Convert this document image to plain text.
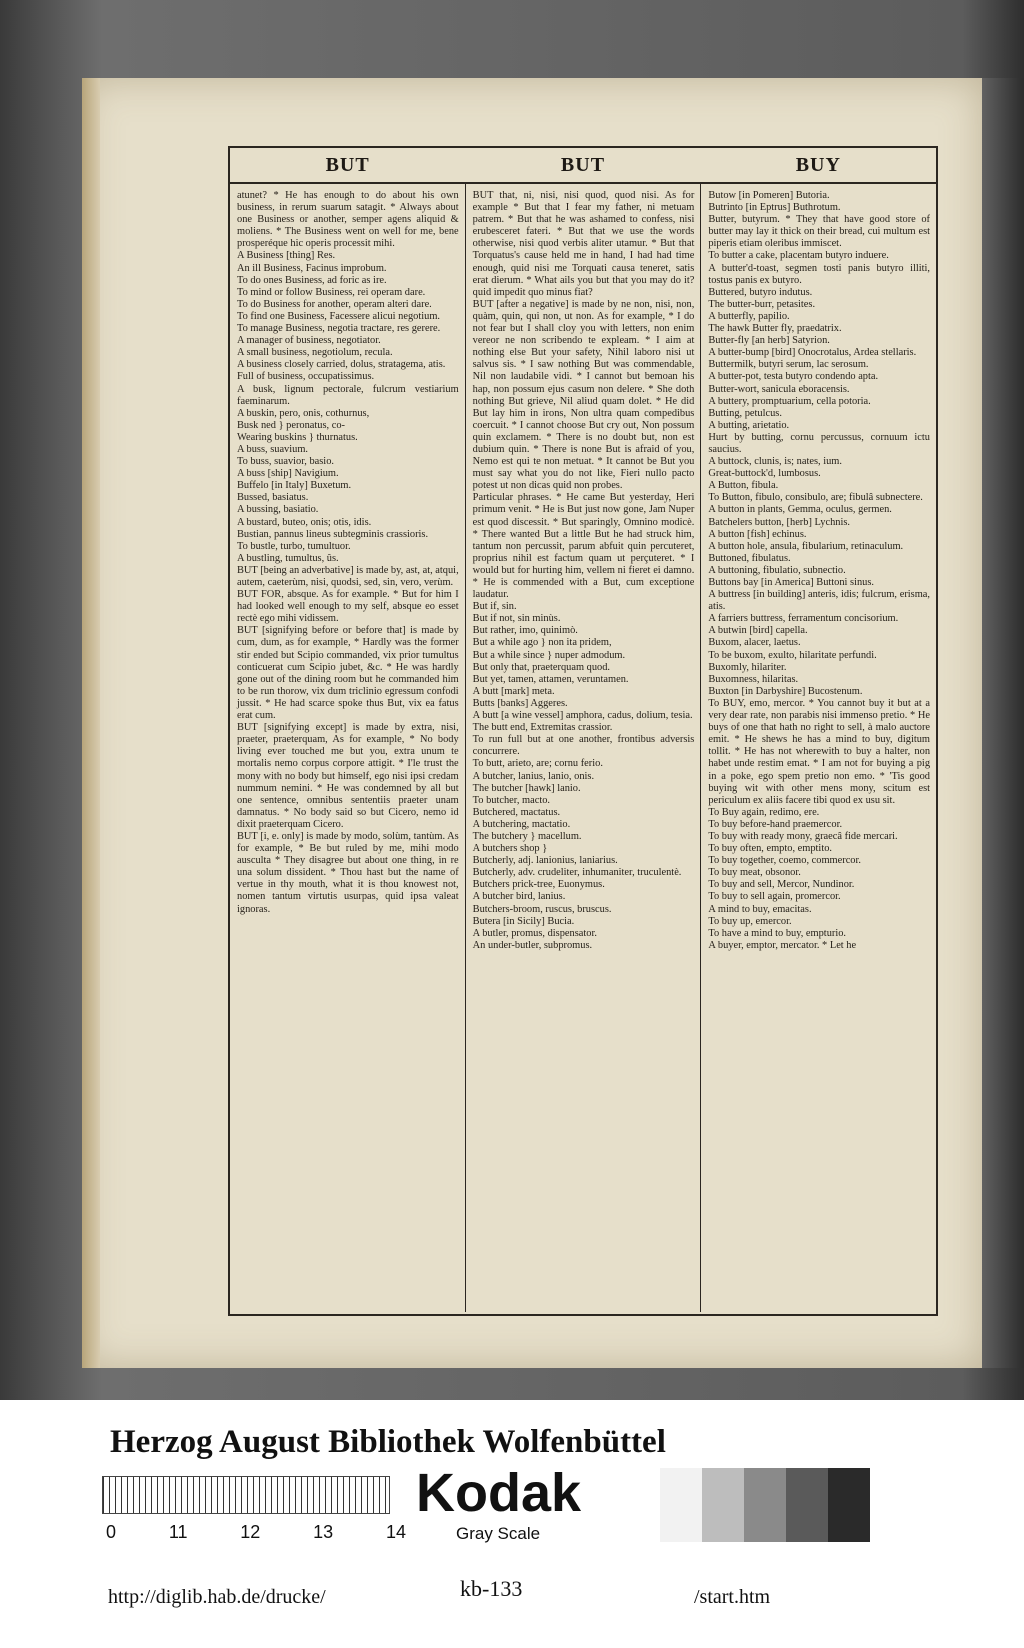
BUT	BUT	BUY

atunet? * He has enough to do about his own business, in rerum suarum satagit. * Always about one Business or another, semper agens aliquid & moliens. * The Business went on well for me, bene prosperéque hic operis processit mihi.

A Business [thing] Res.

An ill Business, Facinus improbum.

To do ones Business, ad foric as ire.

To mind or follow Business, rei operam dare.

To do Business for another, operam alteri dare.

To find one Business, Facessere alicui negotium.

To manage Business, negotia tractare, res gerere.

A manager of business, negotiator.

A small business, negotiolum, recula.

A business closely carried, dolus, stratagema, atis.

Full of business, occupatissimus.

A busk, lignum pectorale, fulcrum vestiarium faeminarum.

A buskin, pero, onis, cothurnus,

Busk ned } peronatus, co-

Wearing buskins } thurnatus.

A buss, suavium.

To buss, suavior, basio.

A buss [ship] Navigium.

Buffelo [in Italy] Buxetum.

Bussed, basiatus.

A bussing, basiatio.

A bustard, buteo, onis; otis, idis.

Bustian, pannus lineus subtegminis crassioris.

To bustle, turbo, tumultuor.

A bustling, tumultus, ûs.

BUT [being an adverbative] is made by, ast, at, atqui, autem, caeterùm, nisi, quodsi, sed, sin, vero, verùm.

BUT FOR, absque. As for example. * But for him I had looked well enough to my self, absque eo esset rectè ego mihi vidissem.

BUT [signifying before or before that] is made by cum, dum, as for example, * Hardly was the former stir ended but Scipio commanded, vix prior tumultus conticuerat cum Scipio jubet, &c. * He was hardly gone out of the dining room but he commanded him to be run thorow, vix dum triclinio egressum confodi jussit. * He had scarce spoke thus But, vix ea fatus erat cum.

BUT [signifying except] is made by extra, nisi, praeter, praeterquam, As for example, * No body living ever touched me but you, extra unum te mortalis nemo corpus corpore attigit. * I'le trust the mony with no body but himself, ego nisi ipsi credam nummum nemini. * He was condemned by all but one sentence, omnibus sententiis praeter unam damnatus. * No body said so but Cicero, nemo id dixit praeterquam Cicero.

BUT [i, e. only] is made by modo, solùm, tantùm. As for example, * Be but ruled by me, mihi modo ausculta * They disagree but about one thing, in re una solum dissident. * Thou hast but the name of vertue in thy mouth, what it is thou knowest not, nomen tantum virtutis usurpas, quid ipsa valeat ignoras.

BUT that, ni, nisi, nisi quod, quod nisi. As for example * But that I fear my father, ni metuam patrem. * But that he was ashamed to confess, nisi erubesceret fateri. * But that we use the words otherwise, nisi quod verbis aliter utamur. * But that Torquatus's cause held me in hand, I had had time enough, quid nisi me Torquati causa teneret, satis erat dierum. * What ails you but that you may do it? quid impedit quo minus fiat?

BUT [after a negative] is made by ne non, nisi, non, quàm, quin, qui non, ut non. As for example, * I do not fear but I shall cloy you with letters, non enim vereor ne non scribendo te expleam. * I aim at nothing else But your safety, Nihil laboro nisi ut salvus sis. * I saw nothing But was commendable, Nil non laudabile vidi. * I cannot but bemoan his hap, non possum ejus casum non delere. * She doth nothing But grieve, Nil aliud quam dolet. * He did But lay him in irons, Non ultra quam compedibus coercuit. * I cannot choose But cry out, Non possum quin exclamem. * There is no doubt but, non est dubium quin. * There is none But is afraid of you, Nemo est qui te non metuat. * It cannot be But you must say what you do not like, Fieri nullo pacto potest ut non dicas quid non probes.

Particular phrases. * He came But yesterday, Heri primum venit. * He is But just now gone, Jam Nuper est quod discessit. * But sparingly, Omnino modicè. * There wanted But a little But he had struck him, tantum non percussit, parum abfuit quin percuteret, proprius nihil est factum quam ut perçuteret. * I would but for hurting him, vellem ni fieret ei damno. * He is commended with a But, cum exceptione laudatur.

But if, sin.

But if not, sin minùs.

But rather, imo, quinimò.

But a while ago } non ita pridem,

But a while since } nuper admodum.

But only that, praeterquam quod.

But yet, tamen, attamen, veruntamen.

A butt [mark] meta.

Butts [banks] Aggeres.

A butt [a wine vessel] amphora, cadus, dolium, tesia.

The butt end, Extremitas crassior.

To run full but at one another, frontibus adversis concurrere.

To butt, arieto, are; cornu ferio.

A butcher, lanius, lanio, onis.

The butcher [hawk] lanio.

To butcher, macto.

Butchered, mactatus.

A butchering, mactatio.

The butchery } macellum.

A butchers shop }

Butcherly, adj. lanionius, laniarius.

Butcherly, adv. crudeliter, inhumaniter, truculentè.

Butchers prick-tree, Euonymus.

A butcher bird, lanius.

Butchers-broom, ruscus, bruscus.

Butera [in Sicily] Bucia.

A butler, promus, dispensator.

An under-butler, subpromus.

Butow [in Pomeren] Butoria.

Butrinto [in Eptrus] Buthrotum.

Butter, butyrum. * They that have good store of butter may lay it thick on their bread, cui multum est piperis etiam oleribus immiscet.

To butter a cake, placentam butyro induere.

A butter'd-toast, segmen tosti panis butyro illiti, tostus panis ex butyro.

Buttered, butyro indutus.

The butter-burr, petasites.

A butterfly, papilio.

The hawk Butter fly, praedatrix.

Butter-fly [an herb] Satyrion.

A butter-bump [bird] Onocrotalus, Ardea stellaris.

Buttermilk, butyri serum, lac serosum.

A butter-pot, testa butyro condendo apta.

Butter-wort, sanicula eboracensis.

A buttery, promptuarium, cella potoria.

Butting, petulcus.

A butting, arietatio.

Hurt by butting, cornu percussus, cornuum ictu saucius.

A buttock, clunis, is; nates, ium.

Great-buttock'd, lumbosus.

A Button, fibula.

To Button, fibulo, consibulo, are; fibulâ subnectere.

A button in plants, Gemma, oculus, germen.

Batchelers button, [herb] Lychnis.

A button [fish] echinus.

A button hole, ansula, fibularium, retinaculum.

Buttoned, fibulatus.

A buttoning, fibulatio, subnectio.

Buttons bay [in America] Buttoni sinus.

A buttress [in building] anteris, idis; fulcrum, erisma, atis.

A farriers buttress, ferramentum concisorium.

A butwin [bird] capella.

Buxom, alacer, laetus.

To be buxom, exulto, hilaritate perfundi.

Buxomly, hilariter.

Buxomness, hilaritas.

Buxton [in Darbyshire] Bucostenum.

To BUY, emo, mercor. * You cannot buy it but at a very dear rate, non parabis nisi immenso pretio. * He buys of one that hath no right to sell, à malo auctore emit. * He shews he has a mind to buy, digitum tollit. * He has not wherewith to buy a halter, non habet unde restim emat. * I am not for buying a pig in a poke, ego spem pretio non emo. * 'Tis good buying wit with other mens mony, scitum est periculum ex aliis facere tibi quod ex usu sit.

To Buy again, redimo, ere.

To buy before-hand praemercor.

To buy with ready mony, graecâ fide mercari.

To buy often, empto, emptito.

To buy together, coemo, commercor.

To buy meat, obsonor.

To buy and sell, Mercor, Nundinor.

To buy to sell again, promercor.

A mind to buy, emacitas.

To buy up, emercor.

To have a mind to buy, empturio.

A buyer, emptor, mercator. * Let he

Herzog August Bibliothek Wolfenbüttel
0	11	12	13	14
Kodak
Gray Scale
http://diglib.hab.de/drucke/	kb-133	/start.htm
